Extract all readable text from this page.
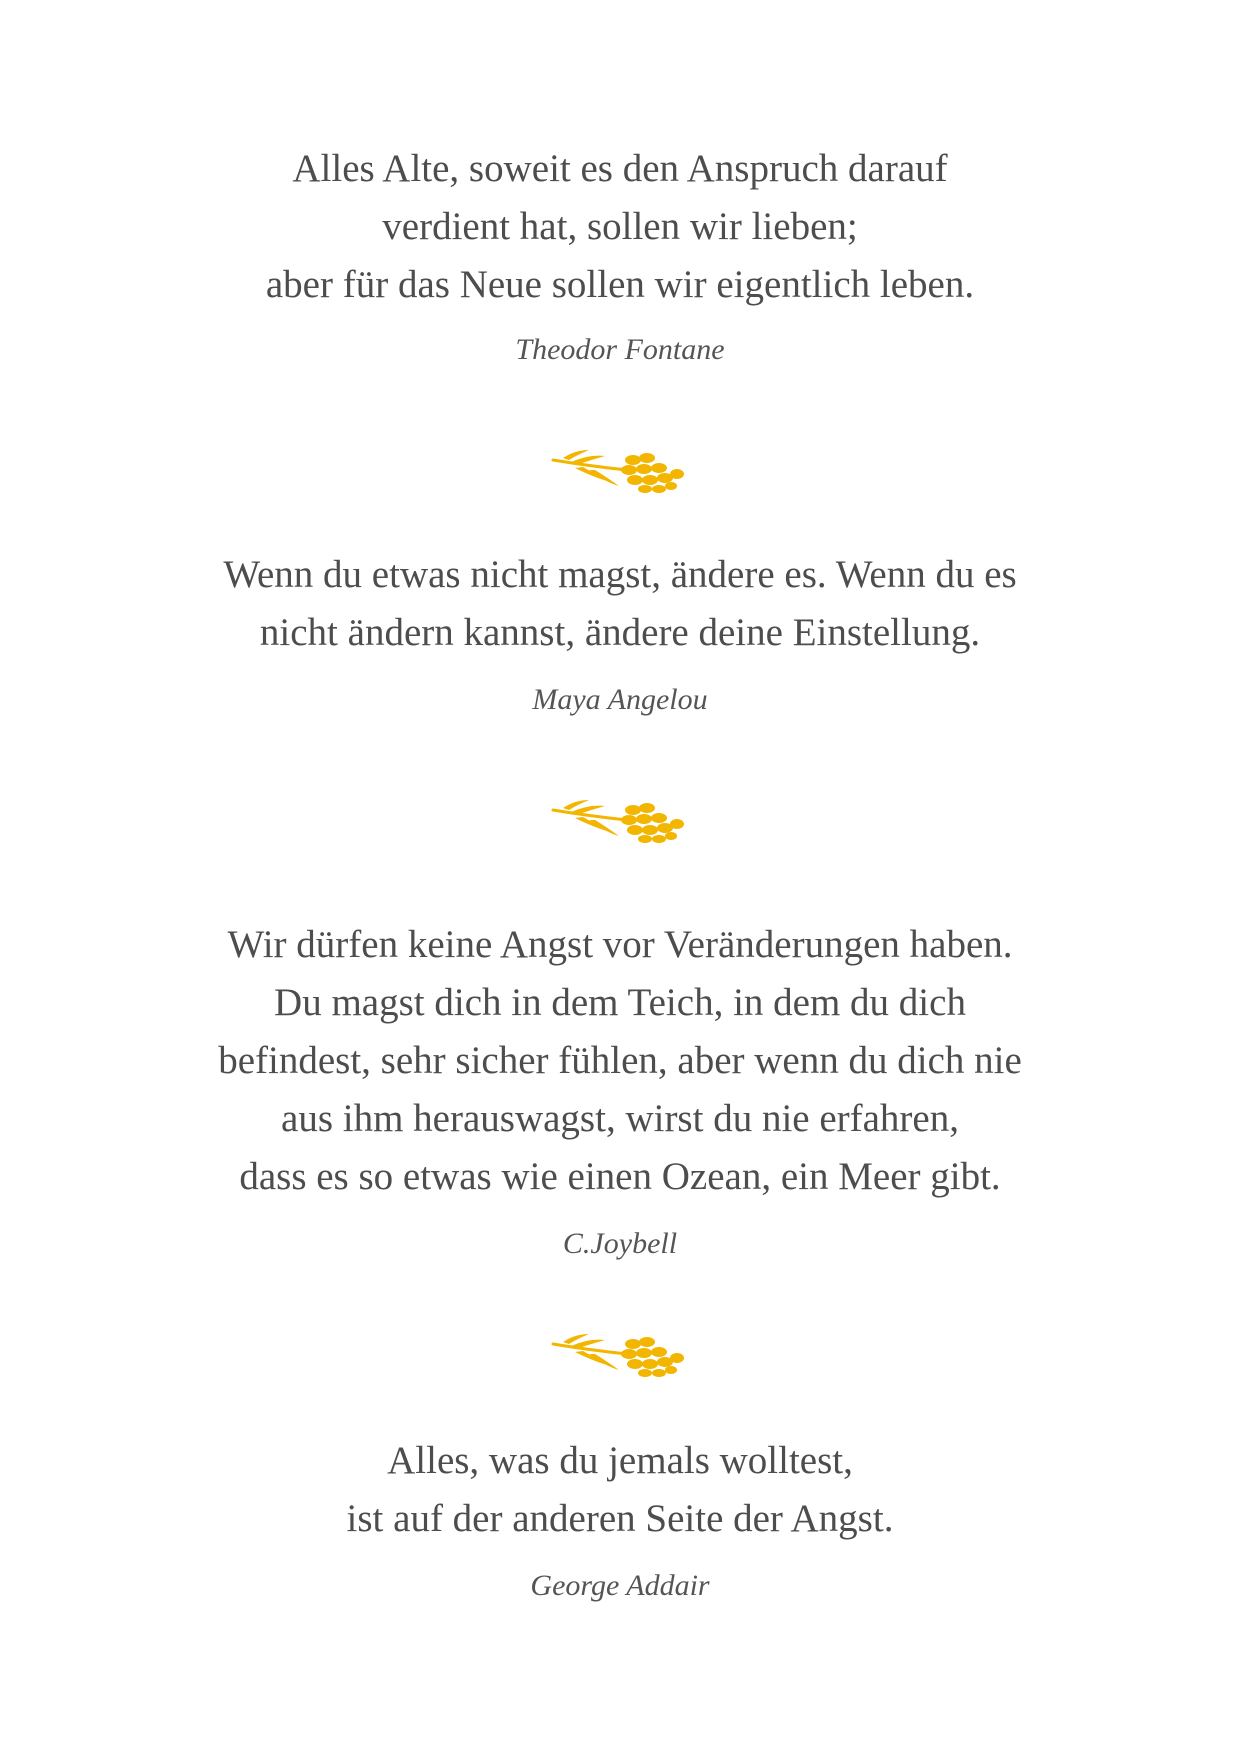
Alles Alte, soweit es den Anspruch darauf
verdient hat, sollen wir lieben;
aber für das Neue sollen wir eigentlich leben.
Theodor Fontane
Wenn du etwas nicht magst, ändere es. Wenn du es
nicht ändern kannst, ändere deine Einstellung.
Maya Angelou
Wir dürfen keine Angst vor Veränderungen haben.
Du magst dich in dem Teich, in dem du dich
befindest, sehr sicher fühlen, aber wenn du dich nie
aus ihm herauswagst, wirst du nie erfahren,
dass es so etwas wie einen Ozean, ein Meer gibt.
C.Joybell
Alles, was du jemals wolltest,
ist auf der anderen Seite der Angst.
George Addair
